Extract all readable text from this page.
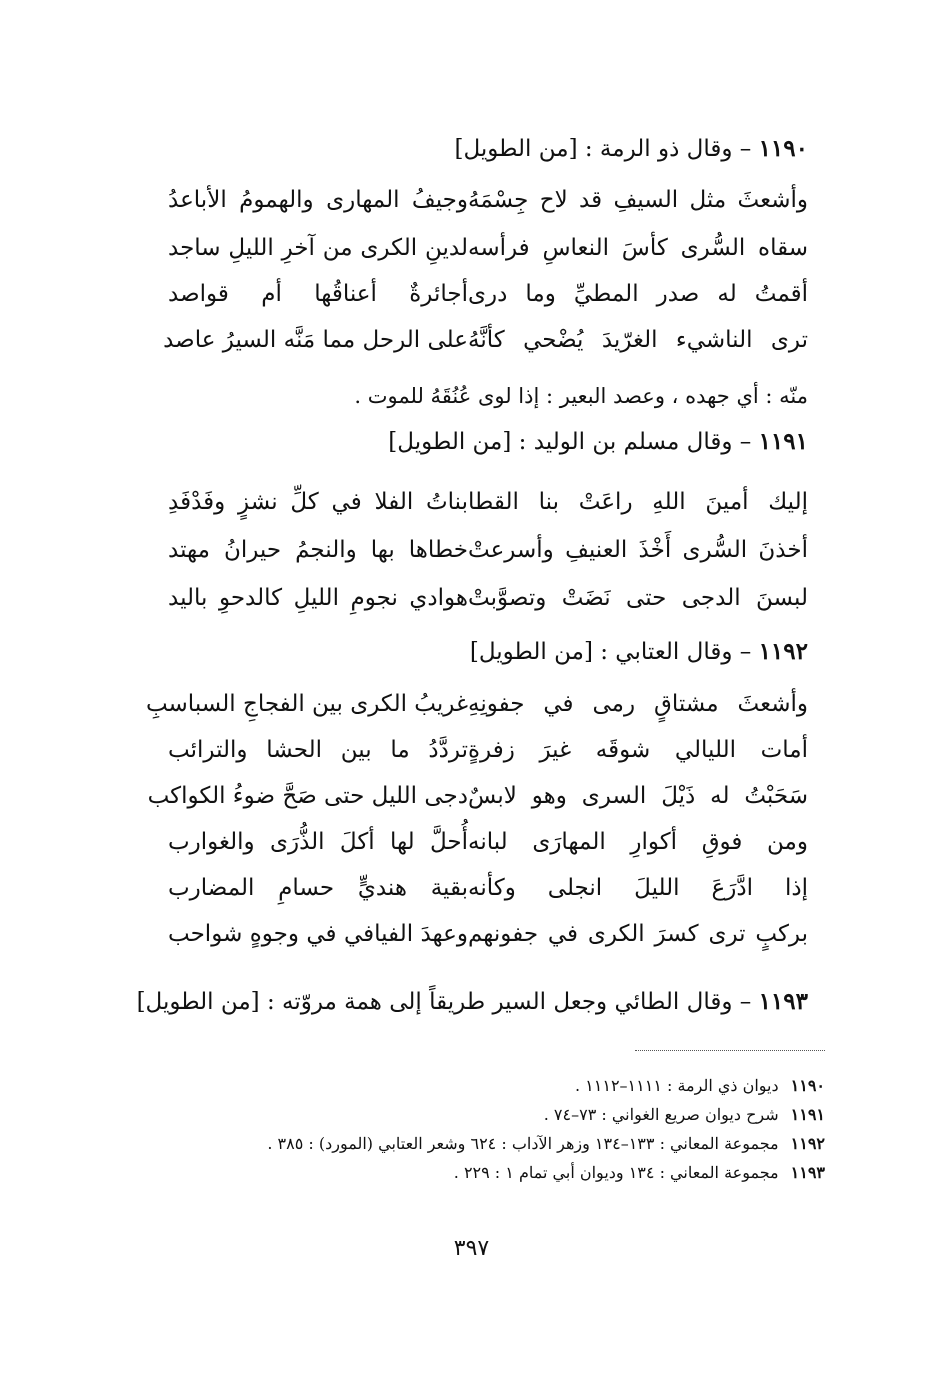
١١٩٠ – وقال ذو الرمة : [من الطويل]
وأشعثَ مثل السيفِ قد لاح جِسْمَهُ
وجيفُ المهارى والهمومُ الأباعدُ
سقاه السُّرى كأسَ النعاسِ فرأسه
لدينِ الكرى من آخرِ الليلِ ساجد
أقمتُ له صدر المطيِّ وما درى
أجائرةٌ أعناقُها أم قواصد
ترى الناشيء الغرّيدَ يُضْحي كأنَّهُ
على الرحل مما مَنَّه السيرُ عاصد
منّه : أي جهده ، وعصد البعير : إذا لوى عُنُقَهُ للموت .
١١٩١ – وقال مسلم بن الوليد : [من الطويل]
إليك أمينَ اللهِ راعَتْ بنا القطا
بناتُ الفلا في كلِّ نشزٍ وفَدْفَدِ
أخذنَ السُّرى أَخْذَ العنيفِ وأسرعتْ
خطاها بها والنجمُ حيرانُ مهتد
لبسنَ الدجى حتى نَضَتْ وتصوَّبتْ
هوادي نجومِ الليلِ كالدحوِ باليد
١١٩٢ – وقال العتابي : [من الطويل]
وأشعثَ مشتاقٍ رمى في جفونِهِ
غريبُ الكرى بين الفجاجِ السباسبِ
أمات الليالي شوقَه غيرَ زفرةٍ
تردَّدُ ما بين الحشا والترائب
سَحَبْتُ له ذَيْلَ السرى وهو لابسٌ
دجى الليل حتى صَحَّ ضوءُ الكواكب
ومن فوقِ أكوارِ المهارَى لبانه
أُحلَّ لها أكلَ الذُّرَى والغوارب
إذا ادَّرَعَ الليلَ انجلى وكأنه
بقية هنديٍّ حسامِ المضارب
بركبٍ ترى كسرَ الكرى في جفونهم
وعهدَ الفيافي في وجوهٍ شواحب
١١٩٣ – وقال الطائي وجعل السير طريقاً إلى همة مروّته : [من الطويل]
١١٩٠ديوان ذي الرمة : ١١١١–١١١٢ .
١١٩١شرح ديوان صريع الغواني : ٧٣–٧٤ .
١١٩٢مجموعة المعاني : ١٣٣–١٣٤ وزهر الآداب : ٦٢٤ وشعر العتابي (المورد) : ٣٨٥ .
١١٩٣مجموعة المعاني : ١٣٤ وديوان أبي تمام ١ : ٢٢٩ .
٣٩٧
